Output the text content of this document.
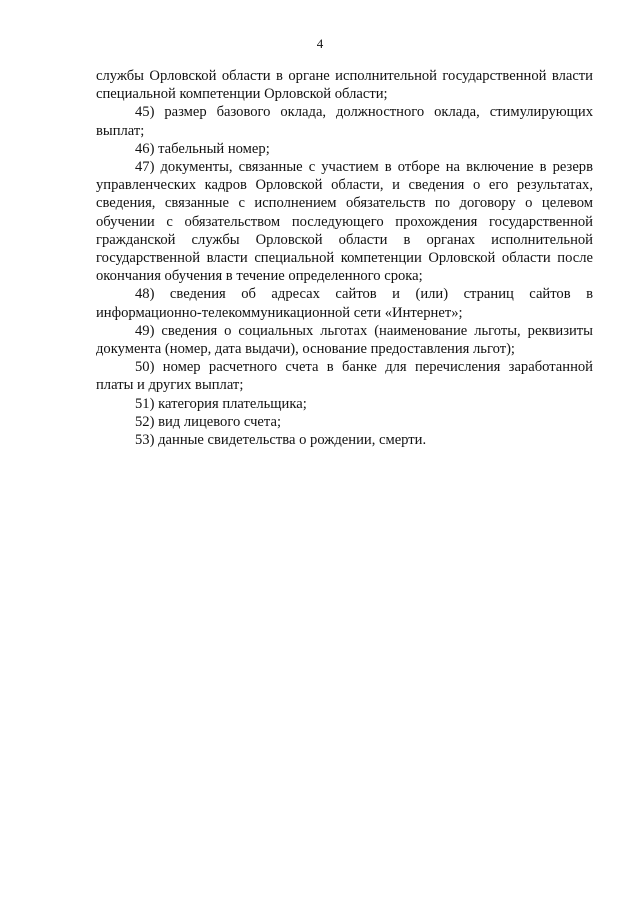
4

службы Орловской области в органе исполнительной государственной власти специальной компетенции Орловской области;

45) размер базового оклада, должностного оклада, стимулирующих выплат;

46) табельный номер;

47) документы, связанные с участием в отборе на включение в резерв управленческих кадров Орловской области, и сведения о его результатах, сведения, связанные с исполнением обязательств по договору о целевом обучении с обязательством последующего прохождения государственной гражданской службы Орловской области в органах исполнительной государственной власти специальной компетенции Орловской области после окончания обучения в течение определенного срока;

48) сведения об адресах сайтов и (или) страниц сайтов в информационно-телекоммуникационной сети «Интернет»;

49) сведения о социальных льготах (наименование льготы, реквизиты документа (номер, дата выдачи), основание предоставления льгот);

50) номер расчетного счета в банке для перечисления заработанной платы и других выплат;

51) категория плательщика;

52) вид лицевого счета;

53) данные свидетельства о рождении, смерти.
